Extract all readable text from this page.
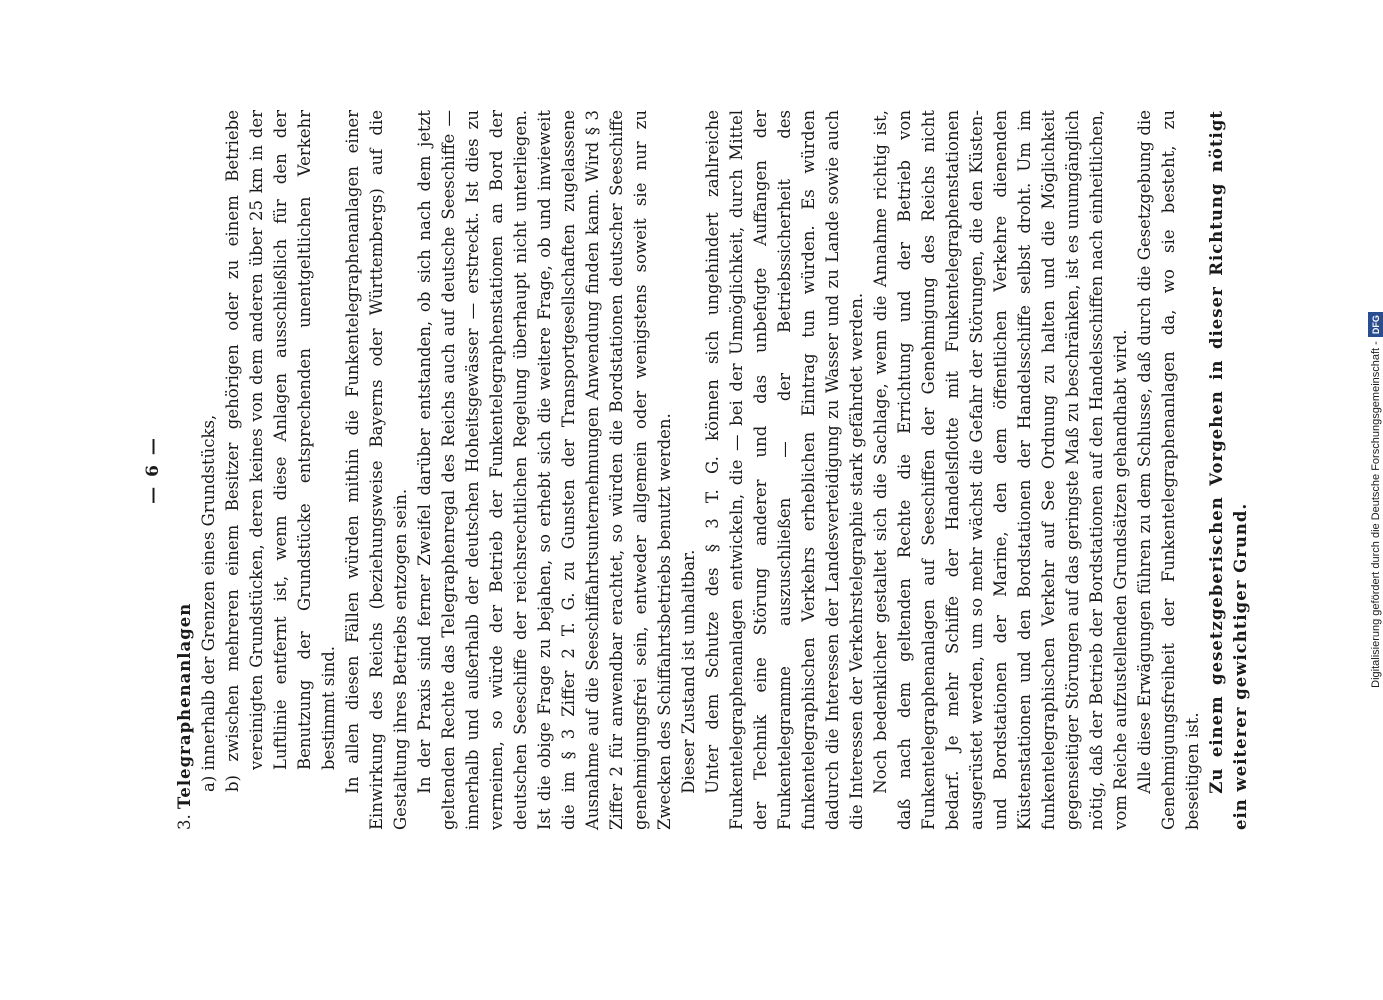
— 6 —

3. Telegraphenanlagen a) innerhalb der Grenzen eines Grundstücks, b) zwischen mehreren einem Besitzer gehörigen oder zu einem Betriebe vereinigten Grundstücken, deren keines von dem anderen über 25 km in der Luftlinie entfernt ist, wenn diese Anlagen ausschließlich für den der Benutzung der Grundstücke entsprechenden unentgeltlichen Verkehr bestimmt sind. In allen diesen Fällen würden mithin die Funkentelegraphenanlagen einer Einwirkung des Reichs (beziehungsweise Bayerns oder Württembergs) auf die Gestaltung ihres Betriebs entzogen sein. In der Praxis sind ferner Zweifel darüber entstanden, ob sich nach dem jetzt geltenden Rechte das Telegraphenregal des Reichs auch auf deutsche Seeschiffe — innerhalb und außerhalb der deutschen Hoheitsgewässer — erstreckt. Ist dies zu verneinen, so würde der Betrieb der Funkentelegraphenstationen an Bord der deutschen Seeschiffe der reichsrechtlichen Regelung überhaupt nicht unterliegen. Ist die obige Frage zu bejahen, so erhebt sich die weitere Frage, ob und inwieweit die im § 3 Ziffer 2 T. G. zu Gunsten der Transportgesellschaften zugelassene Ausnahme auf die Seeschiffahrtsunternehmungen Anwendung finden kann. Wird § 3 Ziffer 2 für anwendbar erachtet, so würden die Bordstationen deutscher Seeschiffe genehmigungsfrei sein, entweder allgemein oder wenigstens soweit sie nur zu Zwecken des Schiffahrtsbetriebs benutzt werden. Dieser Zustand ist unhaltbar. Unter dem Schutze des § 3 T. G. können sich ungehindert zahlreiche Funkentelegraphenanlagen entwickeln, die — bei der Unmöglichkeit, durch Mittel der Technik eine Störung anderer und das unbefugte Auffangen der Funkentelegramme auszuschließen — der Betriebssicherheit des funkentelegraphischen Verkehrs erheblichen Eintrag tun würden. Es würden dadurch die Interessen der Landesverteidigung zu Wasser und zu Lande sowie auch die Interessen der Verkehrstelegraphie stark gefährdet werden. Noch bedenklicher gestaltet sich die Sachlage, wenn die Annahme richtig ist, daß nach dem geltenden Rechte die Errichtung und der Betrieb von Funkentelegraphenanlagen auf Seeschiffen der Genehmigung des Reichs nicht bedarf. Je mehr Schiffe der Handelsflotte mit Funkentelegraphenstationen ausgerüstet werden, um so mehr wächst die Gefahr der Störungen, die den Küsten- und Bordstationen der Marine, den dem öffentlichen Verkehre dienenden Küstenstationen und den Bordstationen der Handelsschiffe selbst droht. Um im funkentelegraphischen Verkehr auf See Ordnung zu halten und die Möglichkeit gegenseitiger Störungen auf das geringste Maß zu beschränken, ist es unumgänglich nötig, daß der Betrieb der Bordstationen auf den Handelsschiffen nach einheitlichen, vom Reiche aufzustellenden Grundsätzen gehandhabt wird. Alle diese Erwägungen führen zu dem Schlusse, daß durch die Gesetzgebung die Genehmigungsfreiheit der Funkentelegraphenanlagen da, wo sie besteht, zu beseitigen ist. Zu einem gesetzgeberischen Vorgehen in dieser Richtung nötigt ein weiterer gewichtiger Grund.	Digitalisierung gefördert durch die Deutsche Forschungsgemeinschaft -
DFG
